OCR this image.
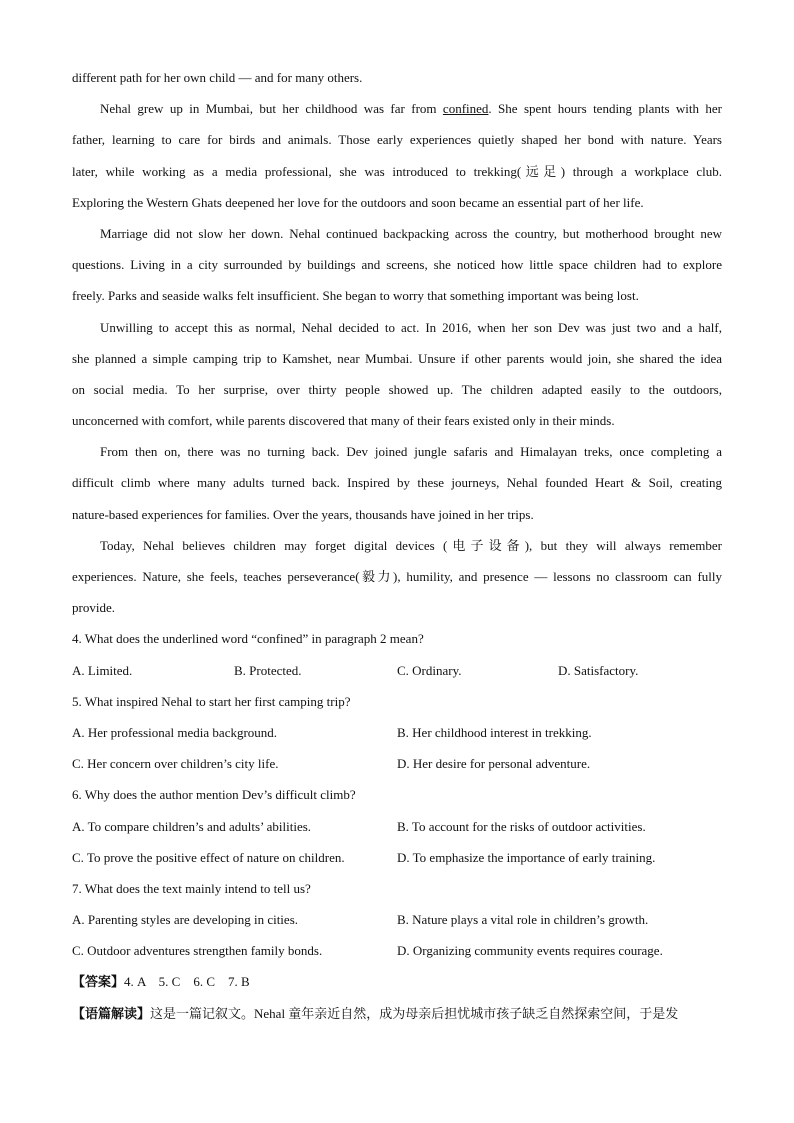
different path for her own child — and for many others.
Nehal grew up in Mumbai, but her childhood was far from confined. She spent hours tending plants with her
father, learning to care for birds and animals. Those early experiences quietly shaped her bond with nature. Years
later, while working as a media professional, she was introduced to trekking(远足) through a workplace club.
Exploring the Western Ghats deepened her love for the outdoors and soon became an essential part of her life.
Marriage did not slow her down. Nehal continued backpacking across the country, but motherhood brought new
questions. Living in a city surrounded by buildings and screens, she noticed how little space children had to explore
freely. Parks and seaside walks felt insufficient. She began to worry that something important was being lost.
Unwilling to accept this as normal, Nehal decided to act. In 2016, when her son Dev was just two and a half,
she planned a simple camping trip to Kamshet, near Mumbai. Unsure if other parents would join, she shared the idea
on social media. To her surprise, over thirty people showed up. The children adapted easily to the outdoors,
unconcerned with comfort, while parents discovered that many of their fears existed only in their minds.
From then on, there was no turning back. Dev joined jungle safaris and Himalayan treks, once completing a
difficult climb where many adults turned back. Inspired by these journeys, Nehal founded Heart & Soil, creating
nature-based experiences for families. Over the years, thousands have joined in her trips.
Today, Nehal believes children may forget digital devices (电子设备), but they will always remember
experiences. Nature, she feels, teaches perseverance(毅力), humility, and presence — lessons no classroom can fully
provide.
4. What does the underlined word “confined” in paragraph 2 mean?
A. Limited.	B. Protected.	C. Ordinary.	D. Satisfactory.
5. What inspired Nehal to start her first camping trip?
A. Her professional media background.	B. Her childhood interest in trekking.
C. Her concern over children’s city life.	D. Her desire for personal adventure.
6. Why does the author mention Dev’s difficult climb?
A. To compare children’s and adults’ abilities.	B. To account for the risks of outdoor activities.
C. To prove the positive effect of nature on children.	D. To emphasize the importance of early training.
7. What does the text mainly intend to tell us?
A. Parenting styles are developing in cities.	B. Nature plays a vital role in children’s growth.
C. Outdoor adventures strengthen family bonds.	D. Organizing community events requires courage.
【答案】4. A    5. C    6. C    7. B
【语篇解读】这是一篇记叙文。Nehal 童年亲近自然，成为母亲后担忧城市孩子缺乏自然探索空间，于是发
